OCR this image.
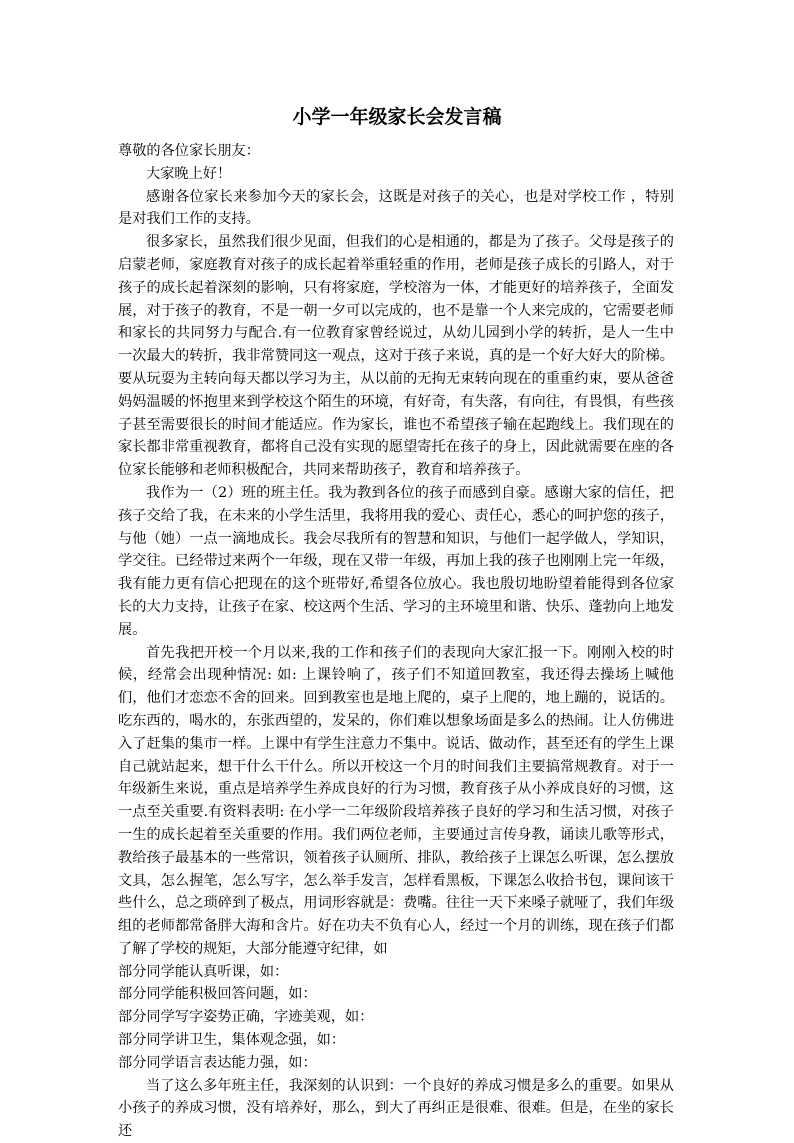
小学一年级家长会发言稿

尊敬的各位家长朋友：

大家晚上好！

感谢各位家长来参加今天的家长会，这既是对孩子的关心，也是对学校工作 ，特别是对我们工作的支持。

很多家长，虽然我们很少见面，但我们的心是相通的，都是为了孩子。父母是孩子的启蒙老师，家庭教育对孩子的成长起着举重轻重的作用，老师是孩子成长的引路人，对于孩子的成长起着深刻的影响，只有将家庭，学校溶为一体，才能更好的培养孩子，全面发展，对于孩子的教育，不是一朝一夕可以完成的，也不是靠一个人来完成的，它需要老师和家长的共同努力与配合.有一位教育家曾经说过，从幼儿园到小学的转折，是人一生中一次最大的转折，我非常赞同这一观点，这对于孩子来说，真的是一个好大好大的阶梯。要从玩耍为主转向每天都以学习为主，从以前的无拘无束转向现在的重重约束，要从爸爸妈妈温暖的怀抱里来到学校这个陌生的环境，有好奇，有失落，有向往，有畏惧，有些孩子甚至需要很长的时间才能适应。作为家长，谁也不希望孩子输在起跑线上。我们现在的家长都非常重视教育，都将自己没有实现的愿望寄托在孩子的身上，因此就需要在座的各位家长能够和老师积极配合，共同来帮助孩子，教育和培养孩子。

我作为一（2）班的班主任。我为教到各位的孩子而感到自豪。感谢大家的信任，把孩子交给了我，在未来的小学生活里，我将用我的爱心、责任心，悉心的呵护您的孩子，与他（她）一点一滴地成长。我会尽我所有的智慧和知识，与他们一起学做人，学知识，学交往。已经带过来两个一年级，现在又带一年级，再加上我的孩子也刚刚上完一年级，我有能力更有信心把现在的这个班带好,希望各位放心。我也殷切地盼望着能得到各位家长的大力支持，让孩子在家、校这两个生活、学习的主环境里和谐、快乐、蓬勃向上地发展。

首先我把开校一个月以来,我的工作和孩子们的表现向大家汇报一下。刚刚入校的时候，经常会出现种情况: 如: 上课铃响了，孩子们不知道回教室，我还得去操场上喊他们，他们才恋恋不舍的回来。回到教室也是地上爬的，桌子上爬的，地上蹦的，说话的。吃东西的，喝水的，东张西望的，发呆的，你们难以想象场面是多么的热闹。让人仿佛进入了赶集的集市一样。上课中有学生注意力不集中。说话、做动作，甚至还有的学生上课自己就站起来，想干什么干什么。所以开校这一个月的时间我们主要搞常规教育。对于一年级新生来说，重点是培养学生养成良好的行为习惯，教育孩子从小养成良好的习惯，这一点至关重要.有资料表明: 在小学一二年级阶段培养孩子良好的学习和生活习惯，对孩子一生的成长起着至关重要的作用。我们两位老师，主要通过言传身教，诵读儿歌等形式，教给孩子最基本的一些常识，领着孩子认厕所、排队，教给孩子上课怎么听课，怎么摆放文具，怎么握笔，怎么写字，怎么举手发言，怎样看黑板，下课怎么收拾书包，课间该干些什么，总之琐碎到了极点，用词形容就是：费嘴。往往一天下来嗓子就哑了，我们年级组的老师都常备胖大海和含片。好在功夫不负有心人，经过一个月的训练，现在孩子们都了解了学校的规矩，大部分能遵守纪律，如

部分同学能认真听课，如：

部分同学能积极回答问题，如：

部分同学写字姿势正确，字迹美观，如：

部分同学讲卫生，集体观念强，如：

部分同学语言表达能力强，如：

当了这么多年班主任，我深刻的认识到：一个良好的养成习惯是多么的重要。如果从小孩子的养成习惯，没有培养好，那么，到大了再纠正是很难、很难。但是，在坐的家长还
